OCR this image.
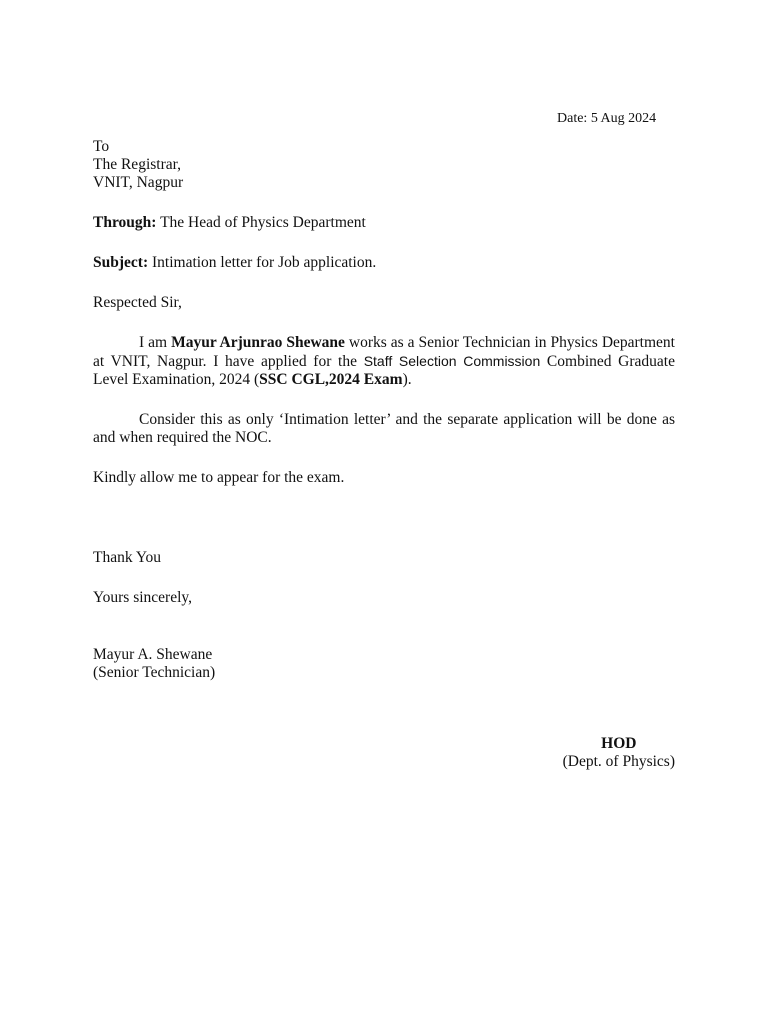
Date: 5 Aug 2024
To
The Registrar,
VNIT, Nagpur
Through: The Head of Physics Department
Subject: Intimation letter for Job application.
Respected Sir,
I am Mayur Arjunrao Shewane works as a Senior Technician in Physics Department at VNIT, Nagpur. I have applied for the Staff Selection Commission Combined Graduate Level Examination, 2024 (SSC CGL,2024 Exam).
Consider this as only ‘Intimation letter’ and the separate application will be done as and when required the NOC.
Kindly allow me to appear for the exam.
Thank You
Yours sincerely,
Mayur A. Shewane
(Senior Technician)
HOD
(Dept. of Physics)
